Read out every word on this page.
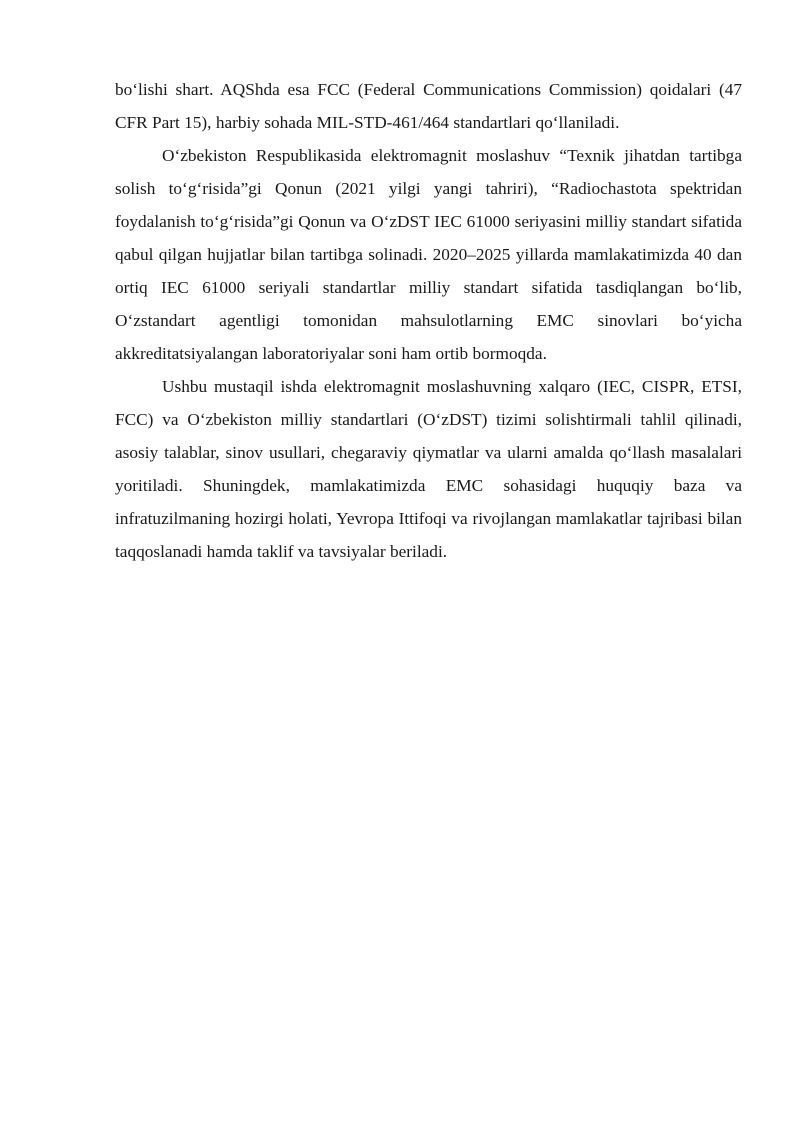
bo‘lishi shart. AQShda esa FCC (Federal Communications Commission) qoidalari (47 CFR Part 15), harbiy sohada MIL-STD-461/464 standartlari qo‘llaniladi.

O‘zbekiston Respublikasida elektromagnit moslashuv “Texnik jihatdan tartibga solish to‘g‘risida”gi Qonun (2021 yilgi yangi tahriri), “Radiochastota spektridan foydalanish to‘g‘risida”gi Qonun va O‘zDST IEC 61000 seriyasini milliy standart sifatida qabul qilgan hujjatlar bilan tartibga solinadi. 2020–2025 yillarda mamlakatimizda 40 dan ortiq IEC 61000 seriyali standartlar milliy standart sifatida tasdiqlangan bo‘lib, O‘zstandart agentligi tomonidan mahsulotlarning EMC sinovlari bo‘yicha akkreditatsiyalangan laboratoriyalar soni ham ortib bormoqda.

Ushbu mustaqil ishda elektromagnit moslashuvning xalqaro (IEC, CISPR, ETSI, FCC) va O‘zbekiston milliy standartlari (O‘zDST) tizimi solishtirmali tahlil qilinadi, asosiy talablar, sinov usullari, chegaraviy qiymatlar va ularni amalda qo‘llash masalalari yoritiladi. Shuningdek, mamlakatimizda EMC sohasidagi huquqiy baza va infratuzilmaning hozirgi holati, Yevropa Ittifoqi va rivojlangan mamlakatlar tajribasi bilan taqqoslanadi hamda taklif va tavsiyalar beriladi.
